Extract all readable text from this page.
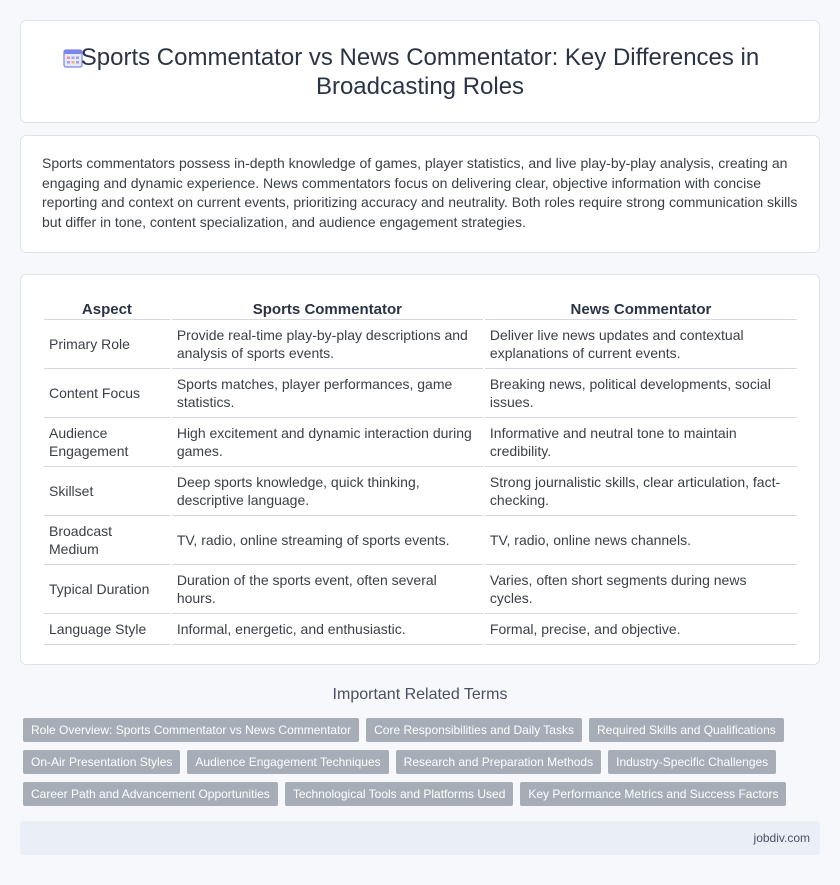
Sports Commentator vs News Commentator: Key Differences in Broadcasting Roles

Sports commentators possess in-depth knowledge of games, player statistics, and live play-by-play analysis, creating an engaging and dynamic experience. News commentators focus on delivering clear, objective information with concise reporting and context on current events, prioritizing accuracy and neutrality. Both roles require strong communication skills but differ in tone, content specialization, and audience engagement strategies.

Aspect	Sports Commentator	News Commentator
Primary Role	Provide real-time play-by-play descriptions and analysis of sports events.	Deliver live news updates and contextual explanations of current events.
Content Focus	Sports matches, player performances, game statistics.	Breaking news, political developments, social issues.
Audience Engagement	High excitement and dynamic interaction during games.	Informative and neutral tone to maintain credibility.
Skillset	Deep sports knowledge, quick thinking, descriptive language.	Strong journalistic skills, clear articulation, fact-checking.
Broadcast Medium	TV, radio, online streaming of sports events.	TV, radio, online news channels.
Typical Duration	Duration of the sports event, often several hours.	Varies, often short segments during news cycles.
Language Style	Informal, energetic, and enthusiastic.	Formal, precise, and objective.
Important Related Terms
Role Overview: Sports Commentator vs News Commentator	Core Responsibilities and Daily Tasks	Required Skills and Qualifications
On-Air Presentation Styles	Audience Engagement Techniques	Research and Preparation Methods	Industry-Specific Challenges
Career Path and Advancement Opportunities	Technological Tools and Platforms Used	Key Performance Metrics and Success Factors
jobdiv.com
